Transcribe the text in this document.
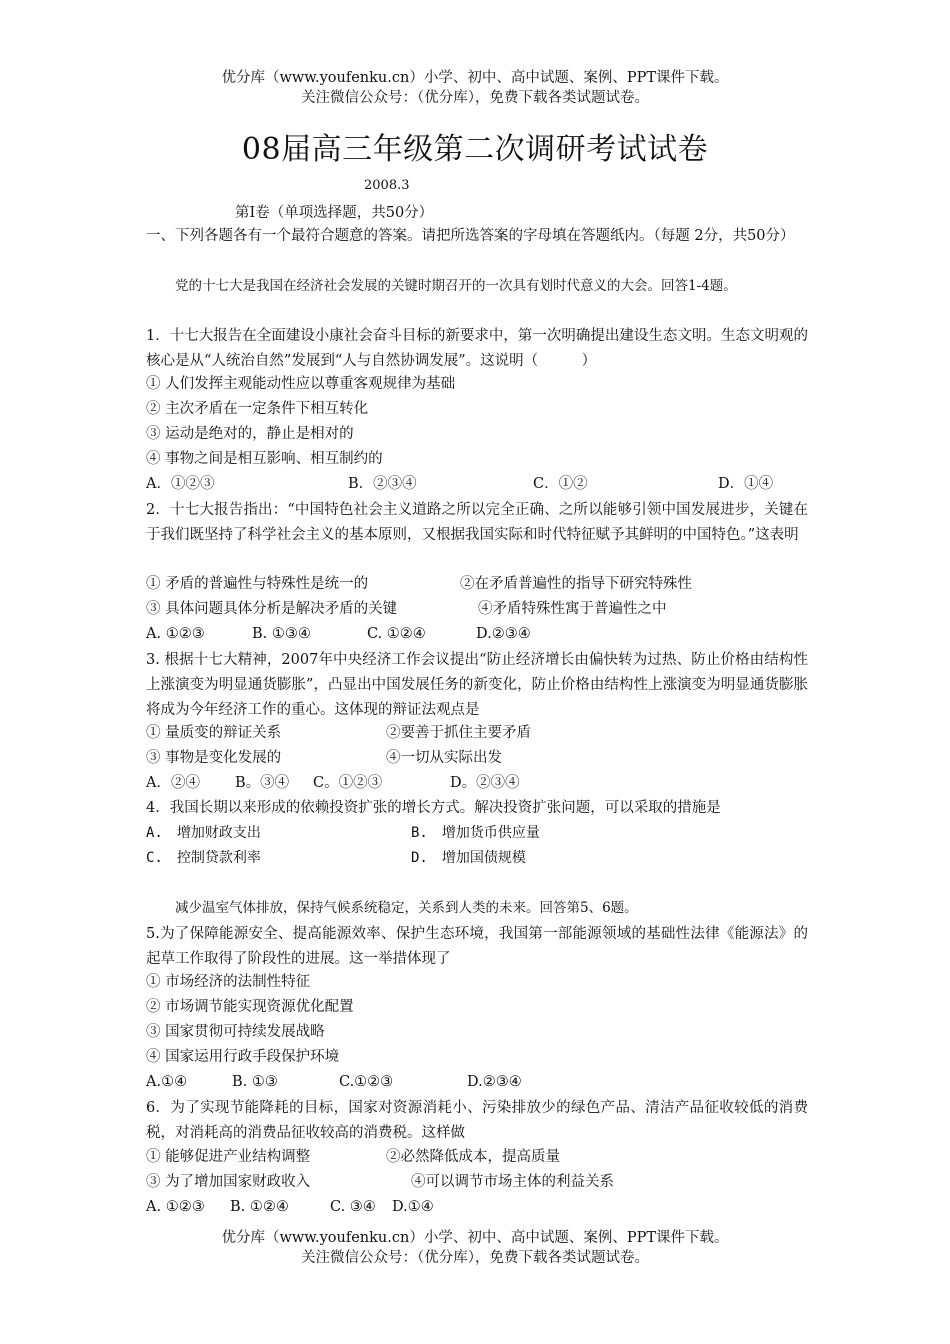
优分库（www.youfenku.cn）小学、初中、高中试题、案例、PPT课件下载。
关注微信公众号：（优分库），免费下载各类试题试卷。
08届高三年级第二次调研考试试卷
2008.3
第Ⅰ卷（单项选择题，共50分）
一、下列各题各有一个最符合题意的答案。请把所选答案的字母填在答题纸内。（每题 2分，共50分）
党的十七大是我国在经济社会发展的关键时期召开的一次具有划时代意义的大会。回答1-4题。
1．十七大报告在全面建设小康社会奋斗目标的新要求中，第一次明确提出建设生态文明。生态文明观的核心是从“人统治自然”发展到“人与自然协调发展”。这说明（　　　）
① 人们发挥主观能动性应以尊重客观规律为基础
② 主次矛盾在一定条件下相互转化
③ 运动是绝对的，静止是相对的
④ 事物之间是相互影响、相互制约的
A．①②③	B．②③④	C．①②	D．①④
2．十七大报告指出：“中国特色社会主义道路之所以完全正确、之所以能够引领中国发展进步，关键在于我们既坚持了科学社会主义的基本原则，又根据我国实际和时代特征赋予其鲜明的中国特色。”这表明
① 矛盾的普遍性与特殊性是统一的	②在矛盾普遍性的指导下研究特殊性
③ 具体问题具体分析是解决矛盾的关键	④矛盾特殊性寓于普遍性之中
A. ①②③	B. ①③④	C. ①②④	D.②③④
3. 根据十七大精神，2007年中央经济工作会议提出“防止经济增长由偏快转为过热、防止价格由结构性上涨演变为明显通货膨胀”，凸显出中国发展任务的新变化，防止价格由结构性上涨演变为明显通货膨胀将成为今年经济工作的重心。这体现的辩证法观点是
① 量质变的辩证关系	②要善于抓住主要矛盾
③ 事物是变化发展的	④一切从实际出发
A．②④ B。③④ C。①②③	D。②③④
4．我国长期以来形成的依赖投资扩张的增长方式。解决投资扩张问题，可以采取的措施是
A.　增加财政支出	B.　增加货币供应量
C.　控制贷款利率	D.　增加国债规模
减少温室气体排放，保持气候系统稳定，关系到人类的未来。回答第5、6题。
5.为了保障能源安全、提高能源效率、保护生态环境，我国第一部能源领域的基础性法律《能源法》的起草工作取得了阶段性的进展。这一举措体现了
① 市场经济的法制性特征
② 市场调节能实现资源优化配置
③ 国家贯彻可持续发展战略
④ 国家运用行政手段保护环境
A.①④	B. ①③	C.①②③	D.②③④
6．为了实现节能降耗的目标，国家对资源消耗小、污染排放少的绿色产品、清洁产品征收较低的消费税，对消耗高的消费品征收较高的消费税。这样做
① 能够促进产业结构调整	②必然降低成本，提高质量
③ 为了增加国家财政收入	④可以调节市场主体的利益关系
A. ①②③ B. ①②④	C. ③④ D.①④
优分库（www.youfenku.cn）小学、初中、高中试题、案例、PPT课件下载。
关注微信公众号：（优分库），免费下载各类试题试卷。
